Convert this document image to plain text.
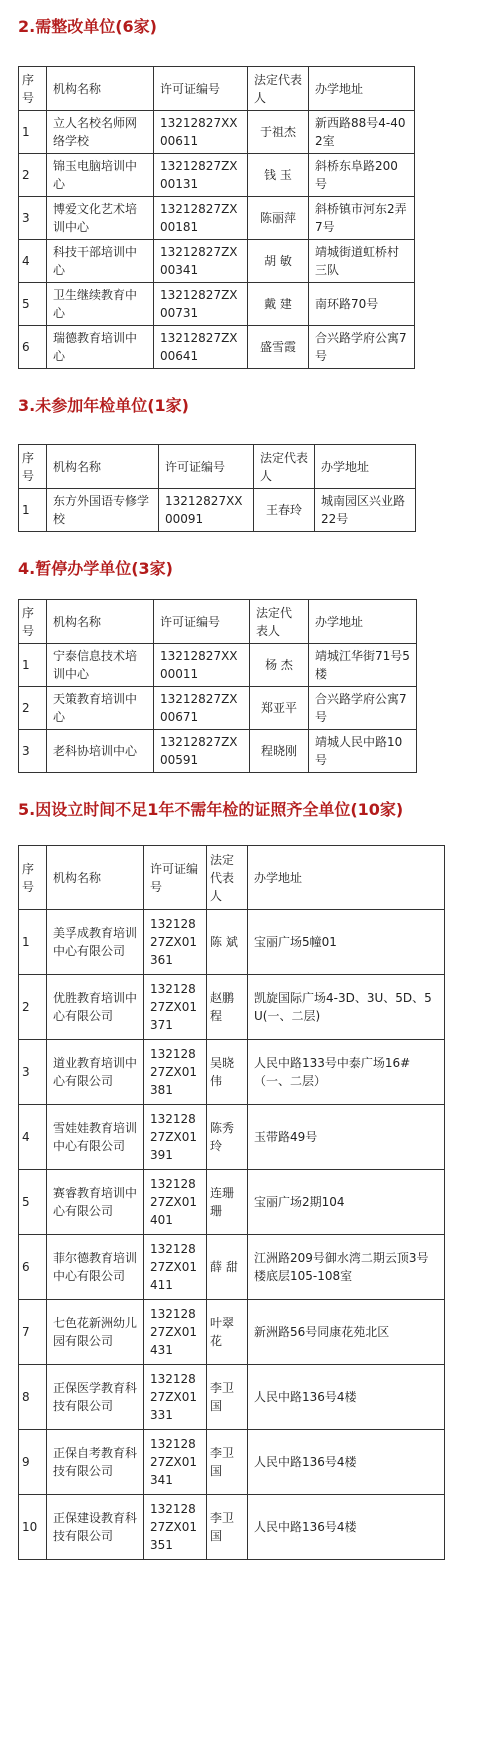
2.需整改单位(6家)
序号	机构名称	许可证编号	法定代表人	办学地址
1	立人名校名师网络学校	13212827XX00611	于祖杰	新西路88号4-402室
2	锦玉电脑培训中心	13212827ZX00131	钱 玉	斜桥东阜路200号
3	博爱文化艺术培训中心	13212827ZX00181	陈丽萍	斜桥镇市河东2弄7号
4	科技干部培训中心	13212827ZX00341	胡 敏	靖城街道虹桥村三队
5	卫生继续教育中心	13212827ZX00731	戴 建	南环路70号
6	瑞德教育培训中心	13212827ZX00641	盛雪霞	合兴路学府公寓7号
3.未参加年检单位(1家)
序号	机构名称	许可证编号	法定代表人	办学地址
1	东方外国语专修学校	13212827XX00091	王春玲	城南园区兴业路22号
4.暂停办学单位(3家)
序号	机构名称	许可证编号	法定代表人	办学地址
1	宁泰信息技术培训中心	13212827XX00011	杨 杰	靖城江华街71号5楼
2	天策教育培训中心	13212827ZX00671	郑亚平	合兴路学府公寓7号
3	老科协培训中心	13212827ZX00591	程晓刚	靖城人民中路10号
5.因设立时间不足1年不需年检的证照齐全单位(10家)
序号	机构名称	许可证编号	法定代表人	办学地址
1	美孚成教育培训中心有限公司	13212827ZX01361	陈 斌	宝丽广场5幢01
2	优胜教育培训中心有限公司	13212827ZX01371	赵鹏程	凯旋国际广场4-3D、3U、5D、5U(一、二层)
3	道业教育培训中心有限公司	13212827ZX01381	吴晓伟	人民中路133号中泰广场16#（一、二层）
4	雪娃娃教育培训中心有限公司	13212827ZX01391	陈秀玲	玉带路49号
5	赛睿教育培训中心有限公司	13212827ZX01401	连珊珊	宝丽广场2期104
6	菲尔德教育培训中心有限公司	13212827ZX01411	薛 甜	江洲路209号御水湾二期云顶3号楼底层105-108室
7	七色花新洲幼儿园有限公司	13212827ZX01431	叶翠花	新洲路56号同康花苑北区
8	正保医学教育科技有限公司	13212827ZX01331	李卫国	人民中路136号4楼
9	正保自考教育科技有限公司	13212827ZX01341	李卫国	人民中路136号4楼
10	正保建设教育科技有限公司	13212827ZX01351	李卫国	人民中路136号4楼
